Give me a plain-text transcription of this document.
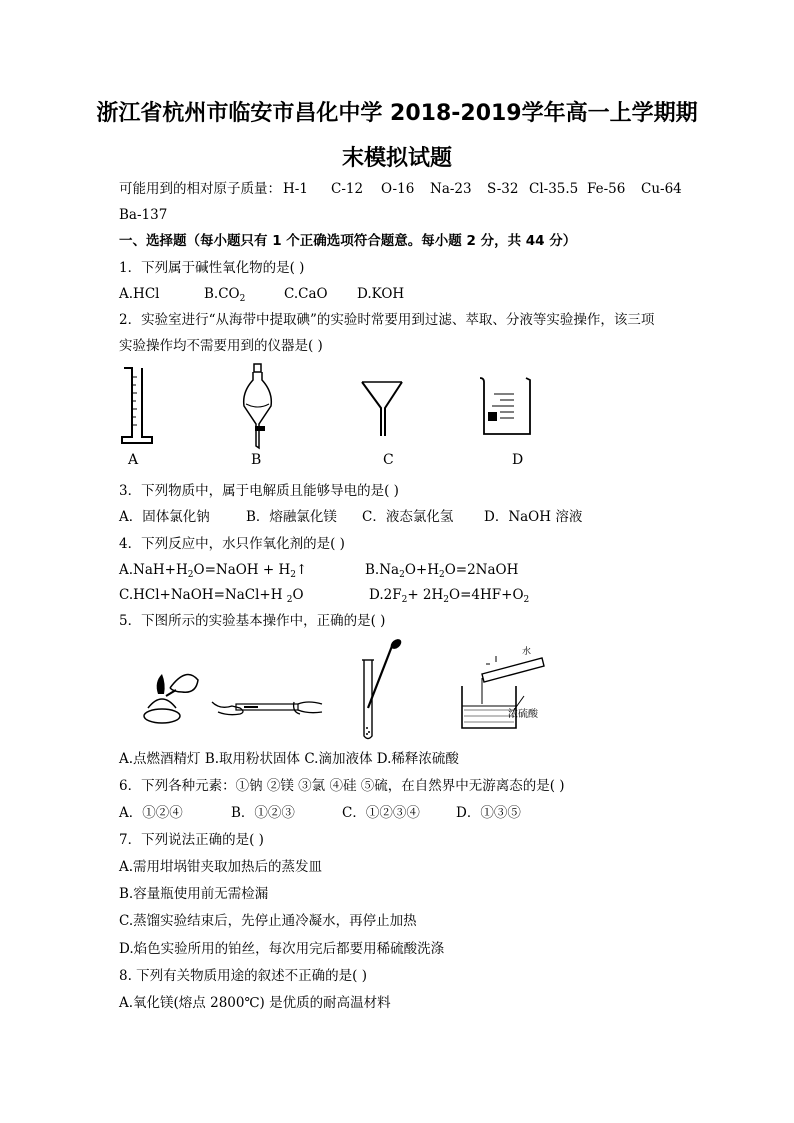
浙江省杭州市临安市昌化中学 2018-2019学年高一上学期期
末模拟试题
可能用到的相对原子质量： H-1 C-12 O-16 Na-23 S-32 Cl-35.5 Fe-56 Cu-64
Ba-137
一、选择题（每小题只有 1 个正确选项符合题意。每小题 2 分，共 44 分）
1．下列属于碱性氧化物的是( )
A.HCl	$B.CO_2$	C.CaO D.KOH
2．实验室进行“从海带中提取碘”的实验时常要用到过滤、萃取、分液等实验操作，该三项
实验操作均不需要用到的仪器是( )
A	B	C	D
3．下列物质中，属于电解质且能够导电的是( )
A．固体氯化钠	B．熔融氯化镁 C．液态氯化氢 D．NaOH 溶液
4．下列反应中，水只作氧化剂的是( )
$A.NaH+H_2O=NaOH$ + $H_2↑$	$B.Na_2O+H_2O=2NaOH$
C.HCl+NaOH=NaCl+H $_2$O	$D.2F_2+ 2H_2O=4HF+O_2$
5．下图所示的实验基本操作中，正确的是( )
水
浓硫酸
A.点燃酒精灯 B.取用粉状固体 C.滴加液体 D.稀释浓硫酸
6．下列各种元素：①钠 ②镁 ③氯 ④硅 ⑤硫，在自然界中无游离态的是( )
A．①②④	B．①②③	C．①②③④	D．①③⑤
7．下列说法正确的是( )
A.需用坩埚钳夹取加热后的蒸发皿
B.容量瓶使用前无需检漏
C.蒸馏实验结束后，先停止通冷凝水，再停止加热
D.焰色实验所用的铂丝，每次用完后都要用稀硫酸洗涤
8. 下列有关物质用途的叙述不正确的是( )
A.氧化镁(熔点 2800℃) 是优质的耐高温材料
